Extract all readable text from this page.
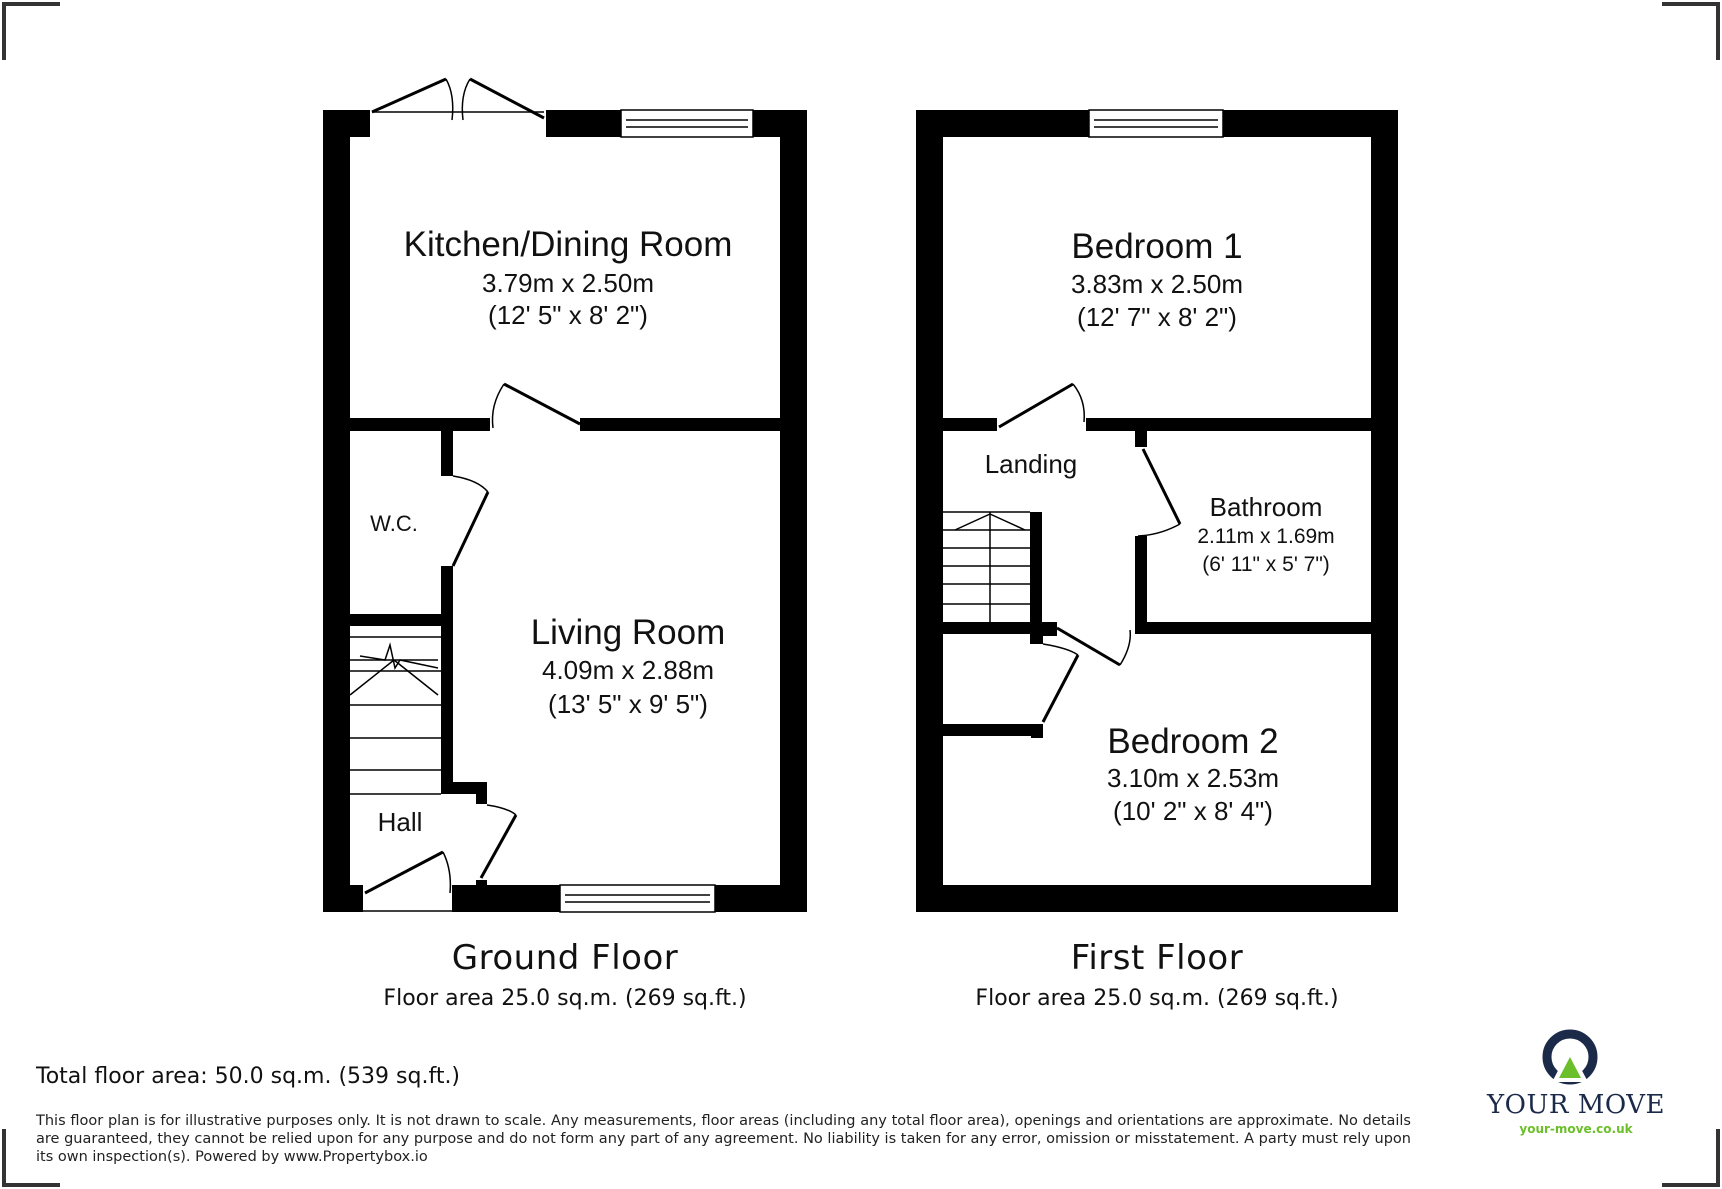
Kitchen/Dining Room
3.79m x 2.50m
(12' 5" x 8' 2")
Living Room
4.09m x 2.88m
(13' 5" x 9' 5")
W.C.
Hall
Bedroom 1
3.83m x 2.50m
(12' 7" x 8' 2")
Landing
Bathroom
2.11m x 1.69m
(6' 11" x 5' 7")
Bedroom 2
3.10m x 2.53m
(10' 2" x 8' 4")
Ground Floor
Floor area 25.0 sq.m. (269 sq.ft.)
First Floor
Floor area 25.0 sq.m. (269 sq.ft.)
Total floor area: 50.0 sq.m. (539 sq.ft.)
This floor plan is for illustrative purposes only. It is not drawn to scale. Any measurements, floor areas (including any total floor area), openings and orientations are approximate. No details are guaranteed, they cannot be relied upon for any purpose and do not form any part of any agreement. No liability is taken for any error, omission or misstatement. A party must rely upon its own inspection(s). Powered by www.Propertybox.io
YOUR MOVE
your-move.co.uk
